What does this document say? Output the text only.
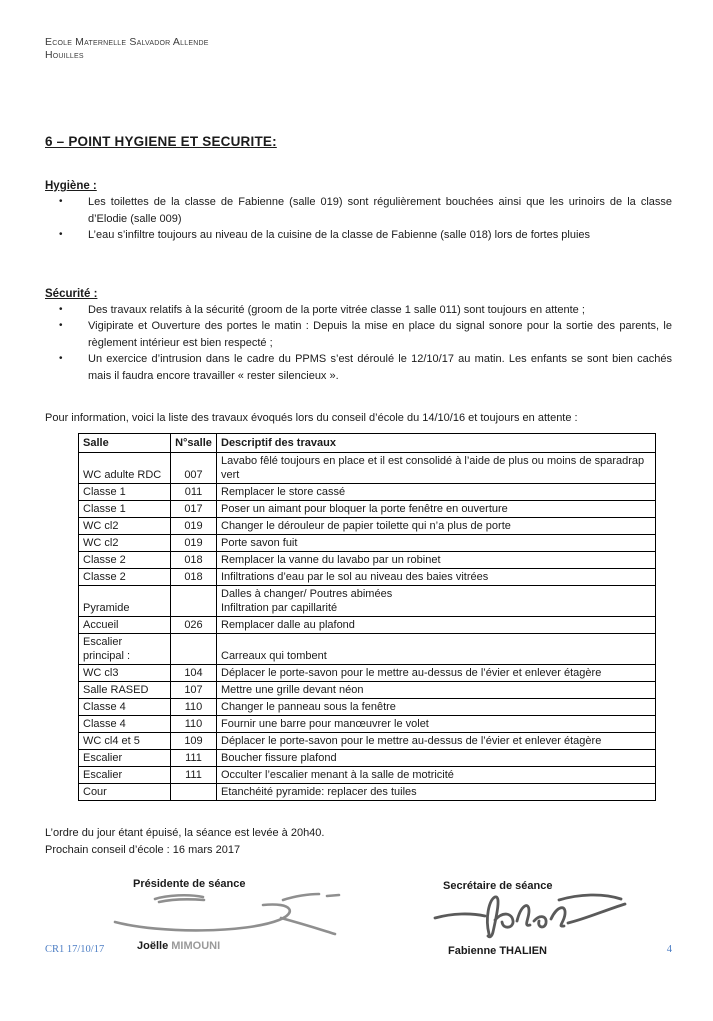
Ecole Maternelle Salvador Allende
Houilles
6 – POINT HYGIENE ET SECURITE:
Hygiène :
•	Les toilettes de la classe de Fabienne (salle 019) sont régulièrement bouchées ainsi que les urinoirs de la classe d’Elodie (salle 009)
•	L’eau s’infiltre toujours au niveau de la cuisine de la classe de Fabienne (salle 018) lors de fortes pluies
Sécurité :
•	Des travaux relatifs à la sécurité (groom de la porte vitrée classe 1 salle 011) sont toujours en attente ;
•	Vigipirate et Ouverture des portes le matin : Depuis la mise en place du signal sonore pour la sortie des parents, le règlement intérieur est bien respecté ;
•	Un exercice d’intrusion dans le cadre du PPMS s’est déroulé le 12/10/17 au matin. Les enfants se sont bien cachés mais il faudra encore travailler « rester silencieux ».
Pour information, voici la liste des travaux évoqués lors du conseil d’école du 14/10/16 et toujours en attente :
Salle	N°salle	Descriptif des travaux
WC adulte RDC	007	Lavabo fêlé toujours en place et il est consolidé à l’aide de plus ou moins de sparadrap vert
Classe 1	011	Remplacer le store cassé
Classe 1	017	Poser un aimant pour bloquer la porte fenêtre en ouverture
WC cl2	019	Changer le dérouleur de papier toilette qui n’a plus de porte
WC cl2	019	Porte savon fuit
Classe 2	018	Remplacer la vanne du lavabo par un robinet
Classe 2	018	Infiltrations d’eau par le sol au niveau des baies vitrées
Pyramide		Dalles à changer/ Poutres abimées
Infiltration par capillarité

Accueil	026	Remplacer dalle au plafond
Escalier principal :		Carreaux qui tombent
WC cl3	104	Déplacer le porte-savon pour le mettre au-dessus de l’évier et enlever étagère
Salle RASED	107	Mettre une grille devant néon
Classe 4	110	Changer le panneau sous la fenêtre
Classe 4	110	Fournir une barre pour manœuvrer le volet
WC cl4 et 5	109	Déplacer le porte-savon pour le mettre au-dessus de l’évier et enlever étagère
Escalier	111	Boucher fissure plafond
Escalier	111	Occulter l’escalier menant à la salle de motricité
Cour		Etanchéité pyramide: replacer des tuiles
L’ordre du jour étant épuisé, la séance est levée à 20h40.
Prochain conseil d’école : 16 mars 2017
Présidente de séance	Secrétaire de séance
Joëlle MIMOUNI	Fabienne THALIEN
CR1 17/10/17	4
